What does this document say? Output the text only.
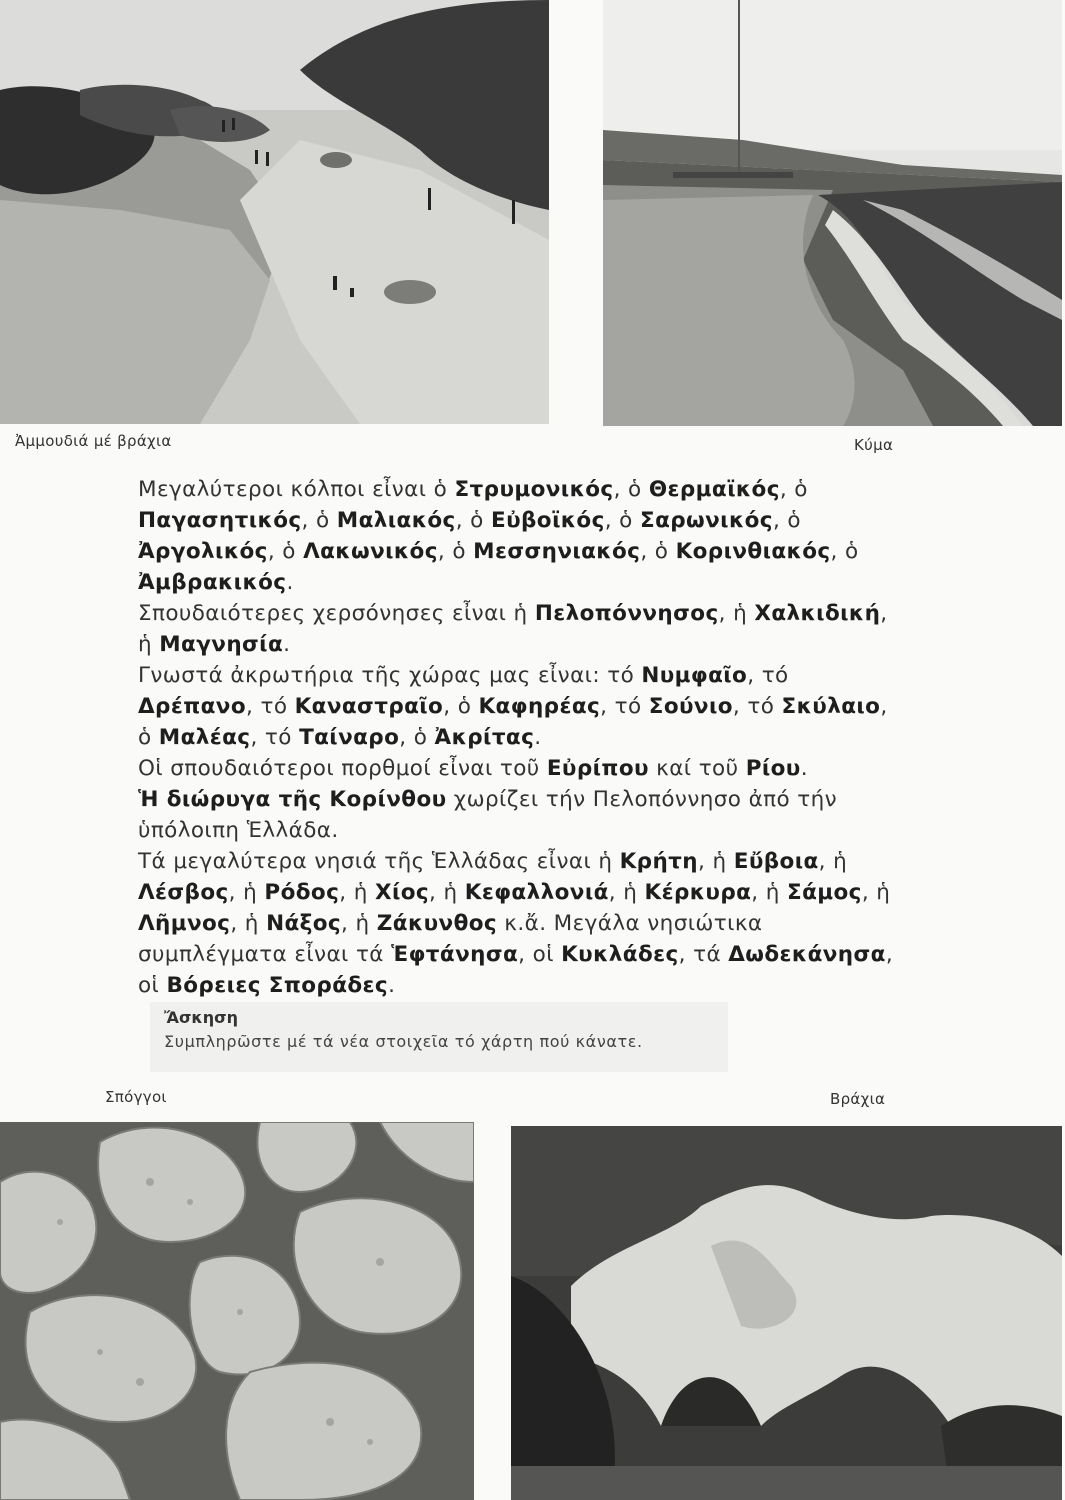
Ἀμμουδιά μέ βράχια	Κύμα

Μεγαλύτεροι κόλποι εἶναι ὁ Στρυμονικός, ὁ Θερμαϊκός, ὁ Παγασητικός, ὁ Μαλιακός, ὁ Εὐβοϊκός, ὁ Σαρωνικός, ὁ Ἀργολικός, ὁ Λακωνικός, ὁ Μεσσηνιακός, ὁ Κορινθιακός, ὁ Ἀμβρακικός.

Σπουδαιότερες χερσόνησες εἶναι ἡ Πελοπόννησος, ἡ Χαλκιδική, ἡ Μαγνησία.

Γνωστά ἀκρωτήρια τῆς χώρας μας εἶναι: τό Νυμφαῖο, τό Δρέπανο, τό Καναστραῖο, ὁ Καφηρέας, τό Σούνιο, τό Σκύλαιο, ὁ Μαλέας, τό Ταίναρο, ὁ Ἀκρίτας.

Οἱ σπουδαιότεροι πορθμοί εἶναι τοῦ Εὐρίπου καί τοῦ Ρίου.

Ἡ διώρυγα τῆς Κορίνθου χωρίζει τήν Πελοπόννησο ἀπό τήν ὑπόλοιπη Ἑλλάδα.

Τά μεγαλύτερα νησιά τῆς Ἑλλάδας εἶναι ἡ Κρήτη, ἡ Εὔβοια, ἡ Λέσβος, ἡ Ρόδος, ἡ Χίος, ἡ Κεφαλλονιά, ἡ Κέρκυρα, ἡ Σάμος, ἡ Λῆμνος, ἡ Νάξος, ἡ Ζάκυνθος κ.ἄ. Μεγάλα νησιώτικα συμπλέγματα εἶναι τά Ἑφτάνησα, οἱ Κυκλάδες, τά Δωδεκάνησα, οἱ Βόρειες Σποράδες.

Ἄσκηση
Συμπληρῶστε μέ τά νέα στοιχεῖα τό χάρτη πού κάνατε.
Σπόγγοι	Βράχια
